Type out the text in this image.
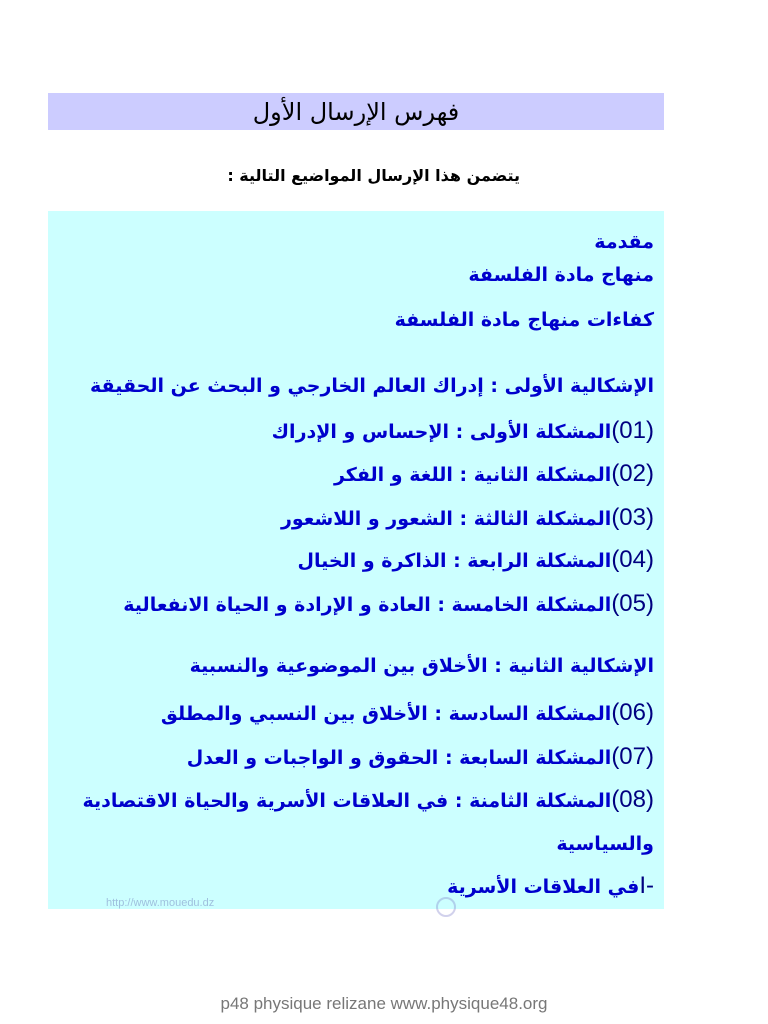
فهرس الإرسال الأول
يتضمن هذا الإرسال المواضيع التالية :
مقدمة
منهاج مادة الفلسفة
كفاءات منهاج مادة الفلسفة
الإشكالية الأولى : إدراك العالم الخارجي و البحث عن الحقيقة
(01)المشكلة الأولى : الإحساس و الإدراك
(02)المشكلة الثانية : اللغة و الفكر
(03)المشكلة الثالثة : الشعور و اللاشعور
(04)المشكلة الرابعة : الذاكرة و الخيال
(05)المشكلة الخامسة : العادة و الإرادة و الحياة الانفعالية
الإشكالية الثانية : الأخلاق بين الموضوعية والنسبية
(06)المشكلة السادسة : الأخلاق بين النسبي والمطلق
(07)المشكلة السابعة : الحقوق و الواجبات و العدل
(08)المشكلة الثامنة : في العلاقات الأسرية والحياة الاقتصادية
والسياسية
I-في العلاقات الأسرية
http://www.mouedu.dz
p48 physique relizane www.physique48.org
